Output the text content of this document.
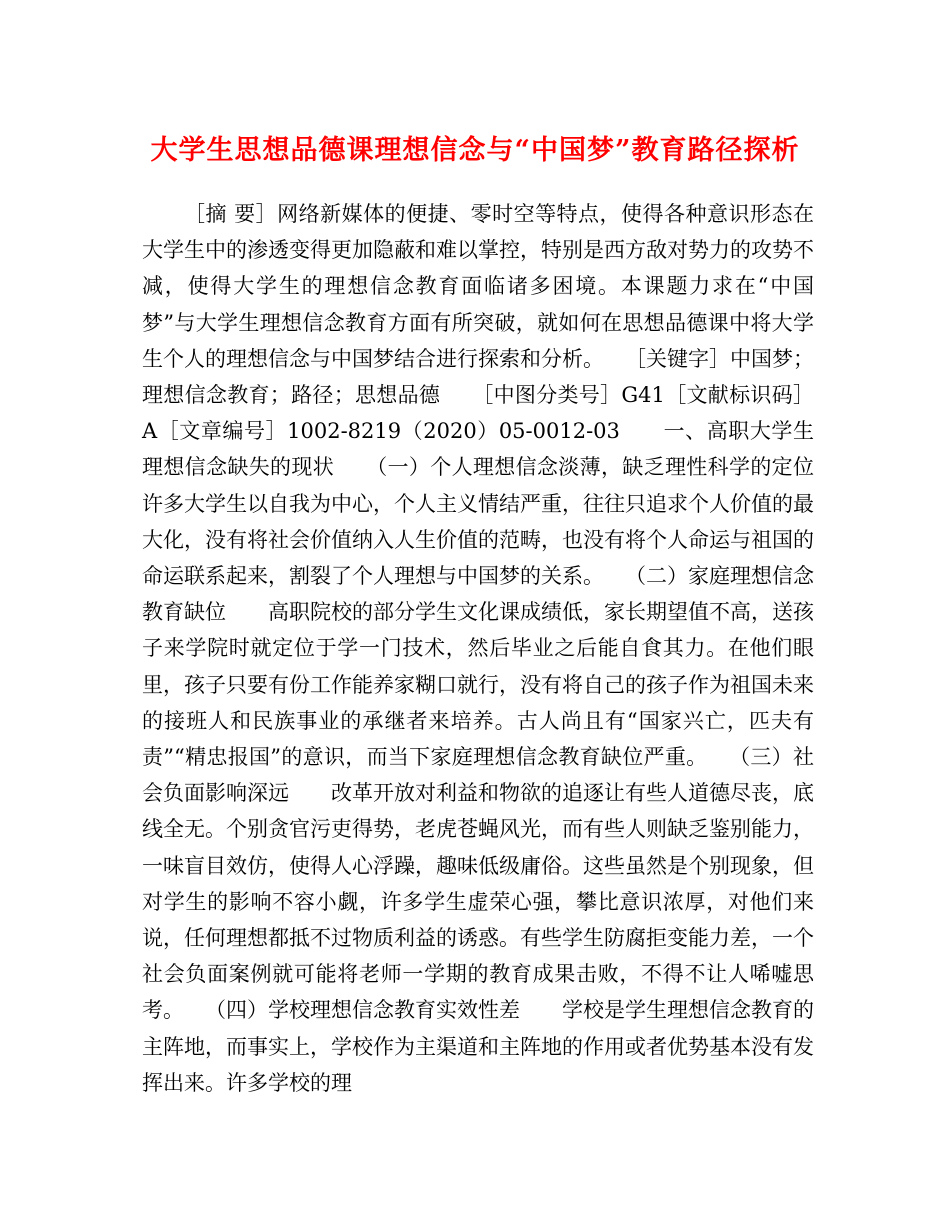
大学生思想品德课理想信念与“中国梦”教育路径探析

［摘 要］网络新媒体的便捷、零时空等特点，使得各种意识形态在大学生中的渗透变得更加隐蔽和难以掌控，特别是西方敌对势力的攻势不减，使得大学生的理想信念教育面临诸多困境。本课题力求在“中国梦”与大学生理想信念教育方面有所突破，就如何在思想品德课中将大学生个人的理想信念与中国梦结合进行探索和分析。　　［关键字］中国梦；理想信念教育；路径；思想品德　　［中图分类号］G41［文献标识码］A［文章编号］1002-8219（2020）05-0012-03　　一、高职大学生理想信念缺失的现状　　（一）个人理想信念淡薄，缺乏理性科学的定位　　许多大学生以自我为中心，个人主义情结严重，往往只追求个人价值的最大化，没有将社会价值纳入人生价值的范畴，也没有将个人命运与祖国的命运联系起来，割裂了个人理想与中国梦的关系。　　（二）家庭理想信念教育缺位　　高职院校的部分学生文化课成绩低，家长期望值不高，送孩子来学院时就定位于学一门技术，然后毕业之后能自食其力。在他们眼里，孩子只要有份工作能养家糊口就行，没有将自己的孩子作为祖国未来的接班人和民族事业的承继者来培养。古人尚且有“国家兴亡，匹夫有责”“精忠报国”的意识，而当下家庭理想信念教育缺位严重。　　（三）社会负面影响深远　　改革开放对利益和物欲的追逐让有些人道德尽丧，底线全无。个别贪官污吏得势，老虎苍蝇风光，而有些人则缺乏鉴别能力，一味盲目效仿，使得人心浮躁，趣味低级庸俗。这些虽然是个别现象，但对学生的影响不容小觑，许多学生虚荣心强，攀比意识浓厚，对他们来说，任何理想都抵不过物质利益的诱惑。有些学生防腐拒变能力差，一个社会负面案例就可能将老师一学期的教育成果击败，不得不让人唏嘘思考。　　（四）学校理想信念教育实效性差　　学校是学生理想信念教育的主阵地，而事实上，学校作为主渠道和主阵地的作用或者优势基本没有发挥出来。许多学校的理
